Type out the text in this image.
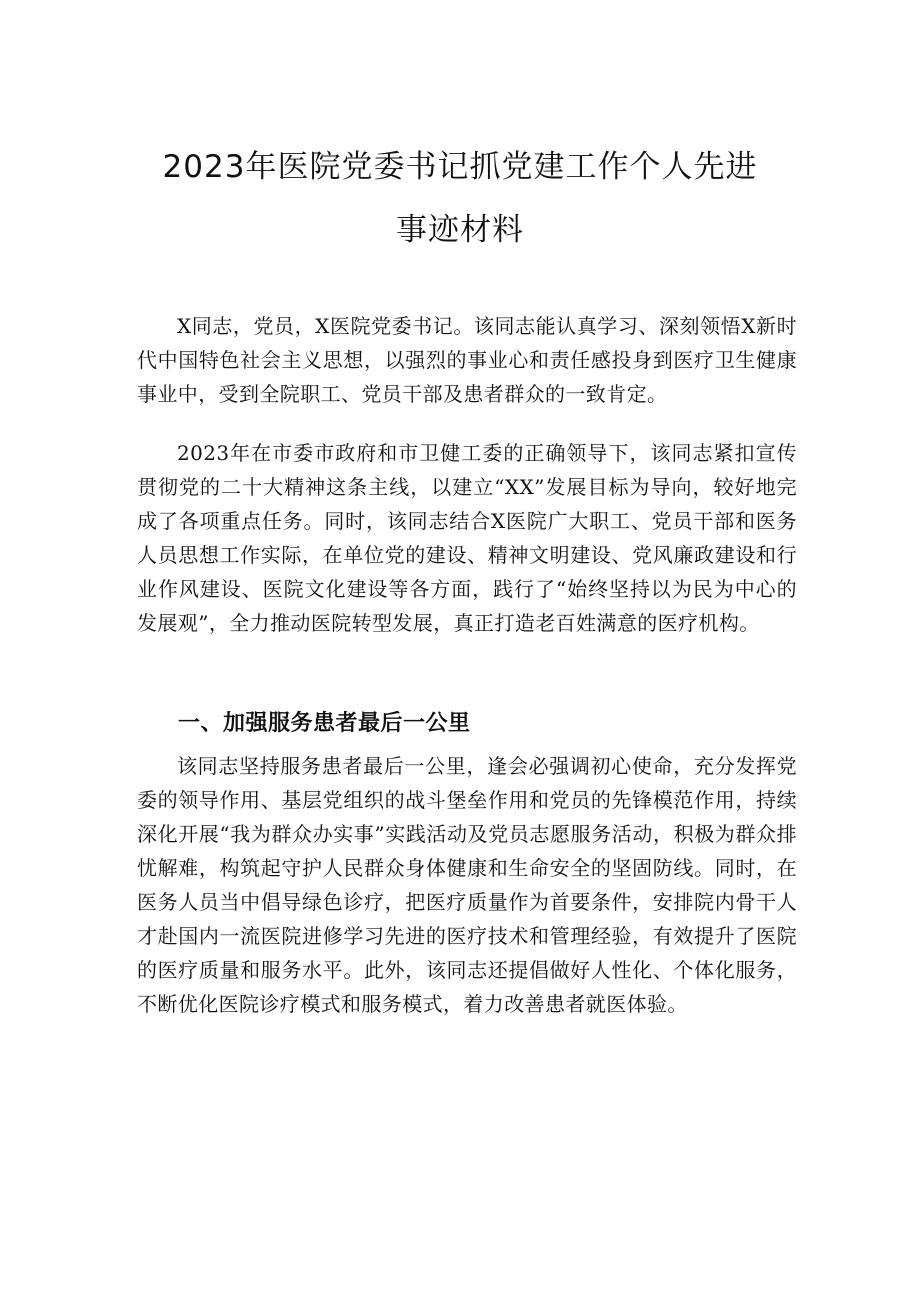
2023年医院党委书记抓党建工作个人先进
事迹材料
X同志，党员，X医院党委书记。该同志能认真学习、深刻领悟X新时代中国特色社会主义思想，以强烈的事业心和责任感投身到医疗卫生健康事业中，受到全院职工、党员干部及患者群众的一致肯定。
2023年在市委市政府和市卫健工委的正确领导下，该同志紧扣宣传贯彻党的二十大精神这条主线，以建立“XX”发展目标为导向，较好地完成了各项重点任务。同时，该同志结合X医院广大职工、党员干部和医务人员思想工作实际，在单位党的建设、精神文明建设、党风廉政建设和行业作风建设、医院文化建设等各方面，践行了“始终坚持以为民为中心的发展观”，全力推动医院转型发展，真正打造老百姓满意的医疗机构。
一、加强服务患者最后一公里
该同志坚持服务患者最后一公里，逢会必强调初心使命，充分发挥党委的领导作用、基层党组织的战斗堡垒作用和党员的先锋模范作用，持续深化开展“我为群众办实事”实践活动及党员志愿服务活动，积极为群众排忧解难，构筑起守护人民群众身体健康和生命安全的坚固防线。同时，在医务人员当中倡导绿色诊疗，把医疗质量作为首要条件，安排院内骨干人才赴国内一流医院进修学习先进的医疗技术和管理经验，有效提升了医院的医疗质量和服务水平。此外，该同志还提倡做好人性化、个体化服务，不断优化医院诊疗模式和服务模式，着力改善患者就医体验。
